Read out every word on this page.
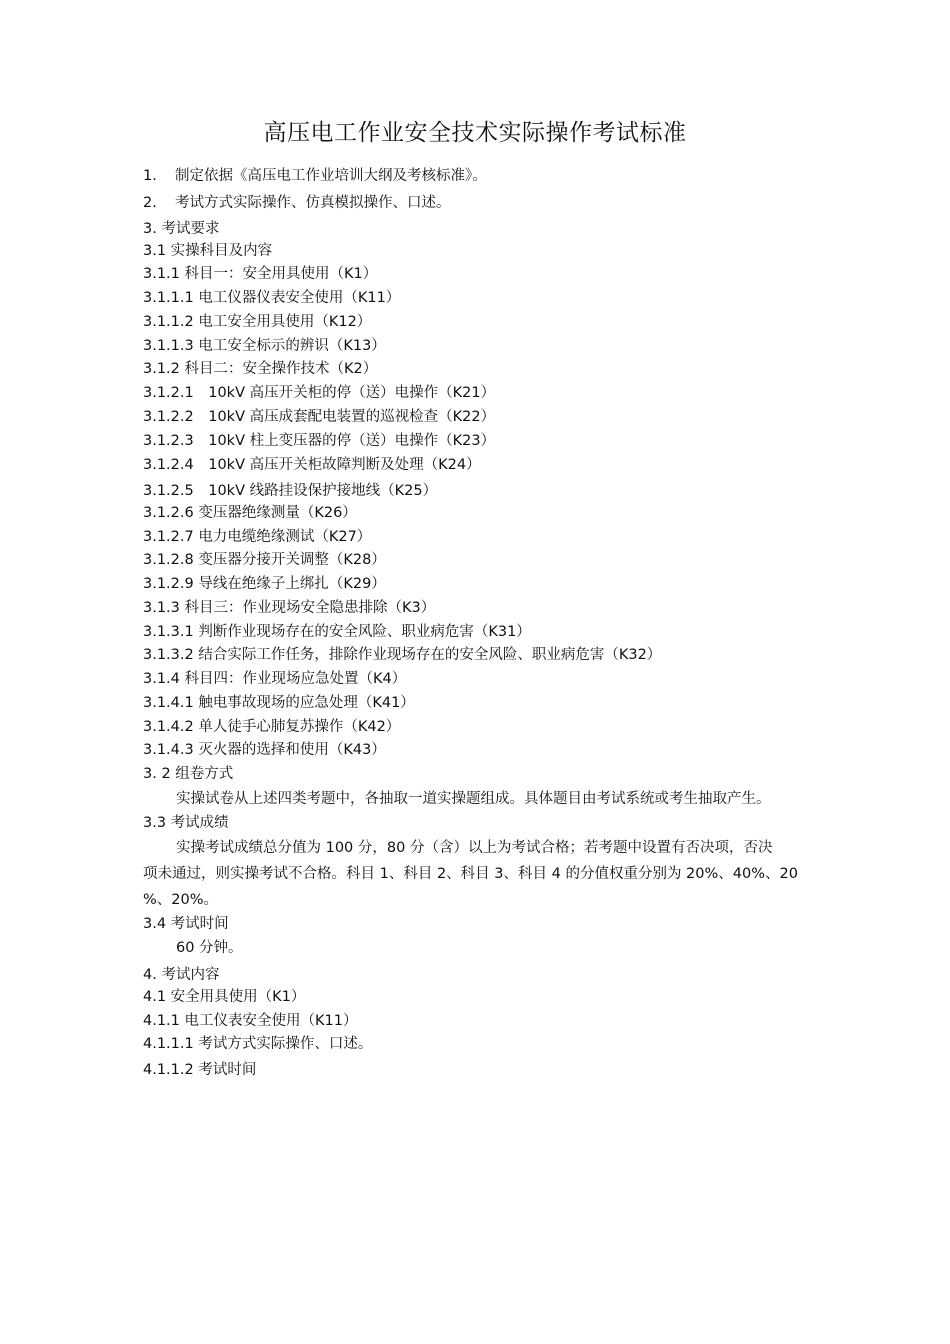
高压电工作业安全技术实际操作考试标准
1. 制定依据《高压电工作业培训大纲及考核标准》。
2. 考试方式实际操作、仿真模拟操作、口述。
3. 考试要求
3.1 实操科目及内容
3.1.1 科目一：安全用具使用（K1）
3.1.1.1 电工仪器仪表安全使用（K11）
3.1.1.2 电工安全用具使用（K12）
3.1.1.3 电工安全标示的辨识（K13）
3.1.2 科目二：安全操作技术（K2）
3.1.2.1　10kV 高压开关柜的停（送）电操作（K21）
3.1.2.2　10kV 高压成套配电装置的巡视检查（K22）
3.1.2.3　10kV 柱上变压器的停（送）电操作（K23）
3.1.2.4　10kV 高压开关柜故障判断及处理（K24）
3.1.2.5　10kV 线路挂设保护接地线（K25）
3.1.2.6 变压器绝缘测量（K26）
3.1.2.7 电力电缆绝缘测试（K27）
3.1.2.8 变压器分接开关调整（K28）
3.1.2.9 导线在绝缘子上绑扎（K29）
3.1.3 科目三：作业现场安全隐患排除（K3）
3.1.3.1 判断作业现场存在的安全风险、职业病危害（K31）
3.1.3.2 结合实际工作任务，排除作业现场存在的安全风险、职业病危害（K32）
3.1.4 科目四：作业现场应急处置（K4）
3.1.4.1 触电事故现场的应急处理（K41）
3.1.4.2 单人徒手心肺复苏操作（K42）
3.1.4.3 灭火器的选择和使用（K43）
3. 2 组卷方式
实操试卷从上述四类考题中，各抽取一道实操题组成。具体题目由考试系统或考生抽取产生。
3.3 考试成绩
实操考试成绩总分值为 100 分，80 分（含）以上为考试合格；若考题中设置有否决项，否决
项未通过，则实操考试不合格。科目 1、科目 2、科目 3、科目 4 的分值权重分别为 20%、40%、20
%、20%。
3.4 考试时间
60 分钟。
4. 考试内容
4.1 安全用具使用（K1）
4.1.1 电工仪表安全使用（K11）
4.1.1.1 考试方式实际操作、口述。
4.1.1.2 考试时间
